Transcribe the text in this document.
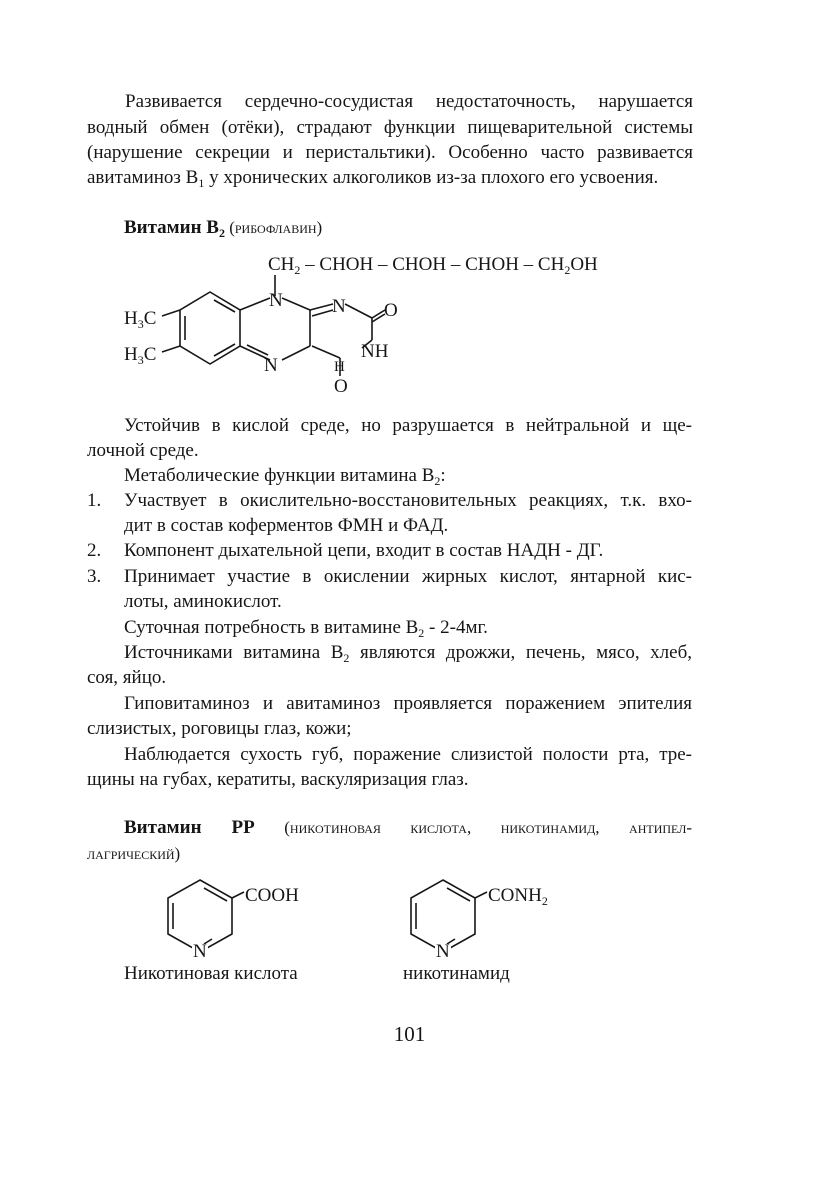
Развивается сердечно-сосудистая недостаточность, нарушается
водный обмен (отёки), страдают функции пищеварительной системы
(нарушение секреции и перистальтики). Особенно часто развивается
авитаминоз $В_1$ у хронических алкоголиков из-за плохого его усвоения.
Витамин $В_2$ (рибофлавин)
$CH_2$ – CHOH – CHOH – CHOH – $CH_2OH$
N	N O
NH
N	H
O
$H_3C$
$H_3C$
Устойчив в кислой среде, но разрушается в нейтральной и ще-
лочной среде.
Метаболические функции витамина $В_2$:
1. Участвует в окислительно-восстановительных реакциях, т.к. вхо-
дит в состав коферментов ФМН и ФАД.
2. Компонент дыхательной цепи, входит в состав НАДН - ДГ.
3. Принимает участие в окислении жирных кислот, янтарной кис-
лоты, аминокислот.
Суточная потребность в витамине $В_2 - 2-4мг$.
Источниками витамина $В_2$ являются дрожжи, печень, мясо, хлеб,
соя, яйцо.
Гиповитаминоз и авитаминоз проявляется поражением эпителия
слизистых, роговицы глаз, кожи;
Наблюдается сухость губ, поражение слизистой полости рта, тре-
щины на губах, кератиты, васкуляризация глаз.
Витамин РР (никотиновая кислота, никотинамид, антипел-
лагрический)
COOH	$CONH_2$
N	N
Никотиновая кислота	никотинамид
101
